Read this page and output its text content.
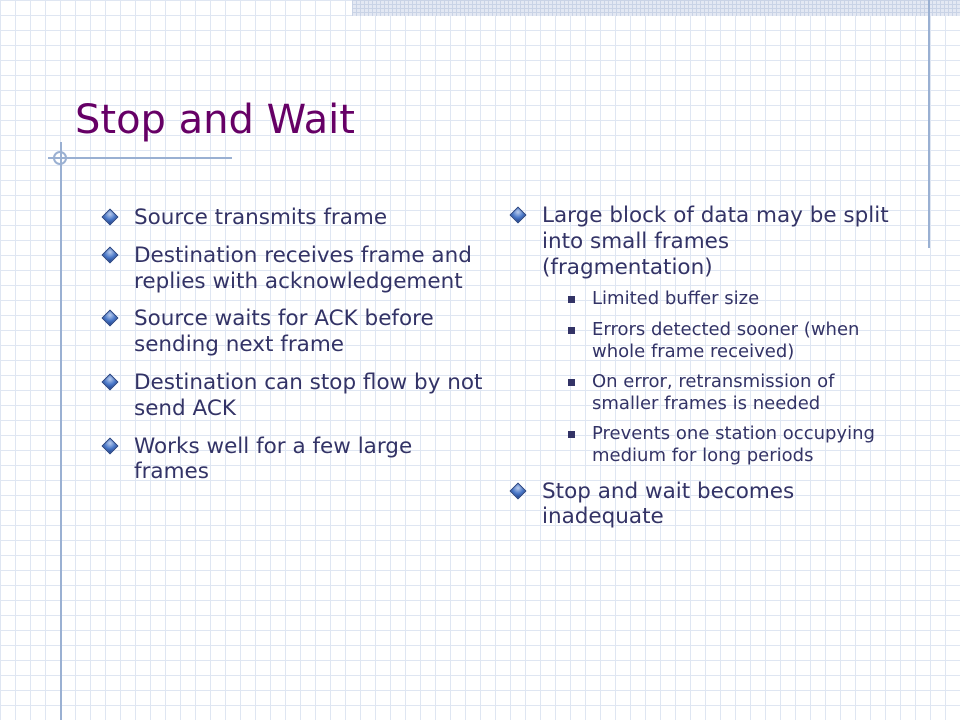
Stop and Wait
Source transmits frame
Destination receives frame and replies with acknowledgement
Source waits for ACK before sending next frame
Destination can stop flow by not send ACK
Works well for a few large frames
Large block of data may be split into small frames (fragmentation)
Limited buffer size
Errors detected sooner (when whole frame received)
On error, retransmission of smaller frames is needed
Prevents one station occupying medium for long periods
Stop and wait becomes inadequate
